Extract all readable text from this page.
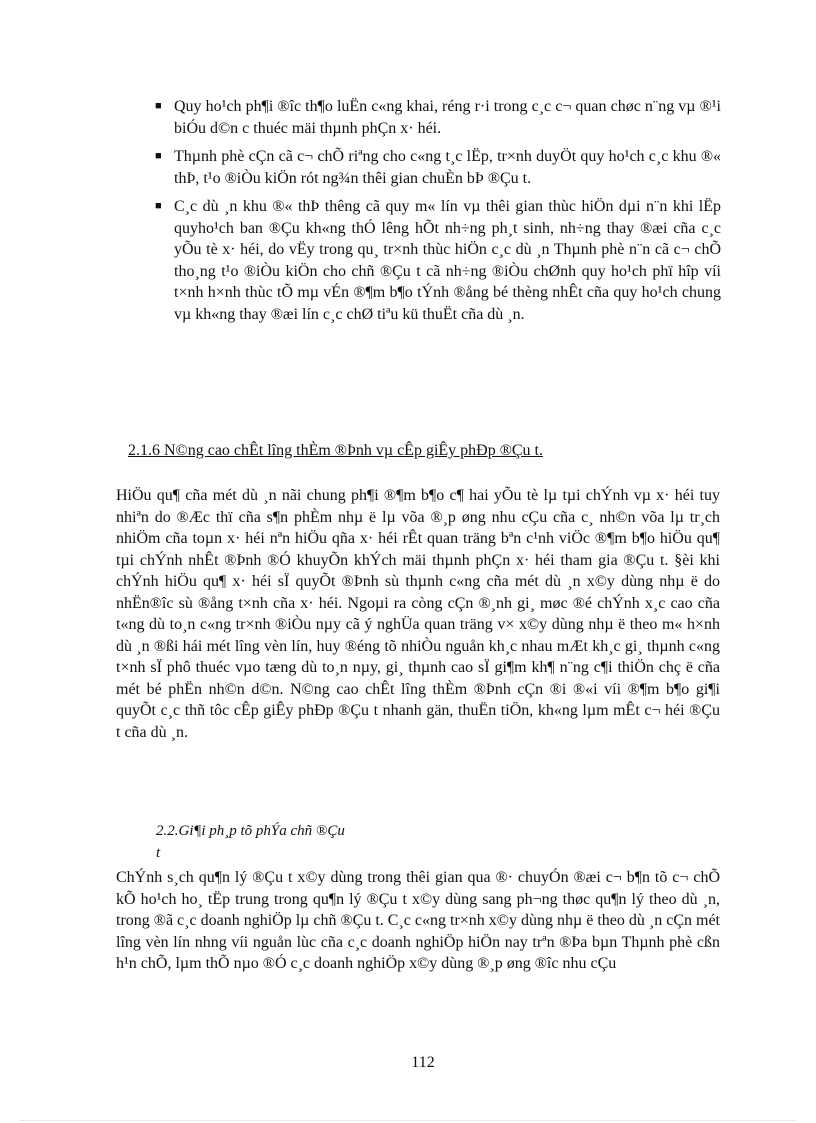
■ Quy ho¹ch ph¶i ®îc th¶o luËn c«ng khai, réng r·i trong c¸c c¬ quan chøc n¨ng vµ ®¹i biÓu d©n c thuéc mäi thµnh phÇn x· héi.
■ Thµnh phè cÇn cã c¬ chÕ riªng cho c«ng t¸c lËp, tr×nh duyÖt quy ho¹ch c¸c khu ®« thÞ, t¹o ®iÒu kiÖn rót ng¾n thêi gian chuÈn bÞ ®Çu t.
■ C¸c dù ¸n khu ®« thÞ thêng cã quy m« lín vµ thêi gian thùc hiÖn dµi n¨n khi lËp quyho¹ch ban ®Çu kh«ng thÓ lêng hÕt nh÷ng ph¸t sinh, nh÷ng thay ®æi cña c¸c yÕu tè x· héi, do vËy trong qu¸ tr×nh thùc hiÖn c¸c dù ¸n Thµnh phè n¨n cã c¬ chÕ tho¸ng t¹o ®iÒu kiÖn cho chñ ®Çu t cã nh÷ng ®iÒu chØnh quy ho¹ch phï hîp víi t×nh h×nh thùc tÕ mµ vÉn ®¶m b¶o tÝnh ®ång bé thèng nhÊt cña quy ho¹ch chung vµ kh«ng thay ®æi lín c¸c chØ tiªu kü thuËt cña dù ¸n.
2.1.6 N©ng cao chÊt lîng thÈm ®Þnh vµ cÊp giÊy phÐp ®Çu t.

HiÖu qu¶ cña mét dù ¸n nãi chung ph¶i ®¶m b¶o c¶ hai yÕu tè lµ tµi chÝnh vµ x· héi tuy nhiªn do ®Æc thï cña s¶n phÈm nhµ ë lµ võa ®¸p øng nhu cÇu cña c¸ nh©n võa lµ tr¸ch nhiÖm cña toµn x· héi nªn hiÖu qña x· héi rÊt quan träng bªn c¹nh viÖc ®¶m b¶o hiÖu qu¶ tµi chÝnh nhÊt ®Þnh ®Ó khuyÕn khÝch mäi thµnh phÇn x· héi tham gia ®Çu t. §èi khi chÝnh hiÖu qu¶ x· héi sÏ quyÕt ®Þnh sù thµnh c«ng cña mét dù ¸n x©y dùng nhµ ë do nhËn®îc sù ®ång t×nh cña x· héi. Ngoµi ra còng cÇn ®¸nh gi¸ møc ®é chÝnh x¸c cao cña t«ng dù to¸n c«ng tr×nh ®iÒu nµy cã ý nghÜa quan träng v× x©y dùng nhµ ë theo m« h×nh dù ¸n ®ßi hái mét lîng vèn lín, huy ®éng tõ nhiÒu nguån kh¸c nhau mÆt kh¸c gi¸ thµnh c«ng t×nh sÏ phô thuéc vµo tæng dù to¸n nµy, gi¸ thµnh cao sÏ gi¶m kh¶ n¨ng c¶i thiÖn chç ë cña mét bé phËn nh©n d©n. N©ng cao chÊt lîng thÈm ®Þnh cÇn ®i ®«i víi ®¶m b¶o gi¶i quyÕt c¸c thñ tôc cÊp giÊy phÐp ®Çu t nhanh gän, thuËn tiÖn, kh«ng lµm mÊt c¬ héi ®Çu t cña dù ¸n.

2.2.Gi¶i ph¸p tõ phÝa chñ ®Çu t

ChÝnh s¸ch qu¶n lý ®Çu t x©y dùng trong thêi gian qua ®· chuyÓn ®æi c¬ b¶n tõ c¬ chÕ kÕ ho¹ch ho¸ tËp trung trong qu¶n lý ®Çu t x©y dùng sang ph¬ng thøc qu¶n lý theo dù ¸n, trong ®ã c¸c doanh nghiÖp lµ chñ ®Çu t. C¸c c«ng tr×nh x©y dùng nhµ ë theo dù ¸n cÇn mét lîng vèn lín nhng víi nguån lùc cña c¸c doanh nghiÖp hiÖn nay trªn ®Þa bµn Thµnh phè cßn h¹n chÕ, lµm thÕ nµo ®Ó c¸c doanh nghiÖp x©y dùng ®¸p øng ®îc nhu cÇu

112
